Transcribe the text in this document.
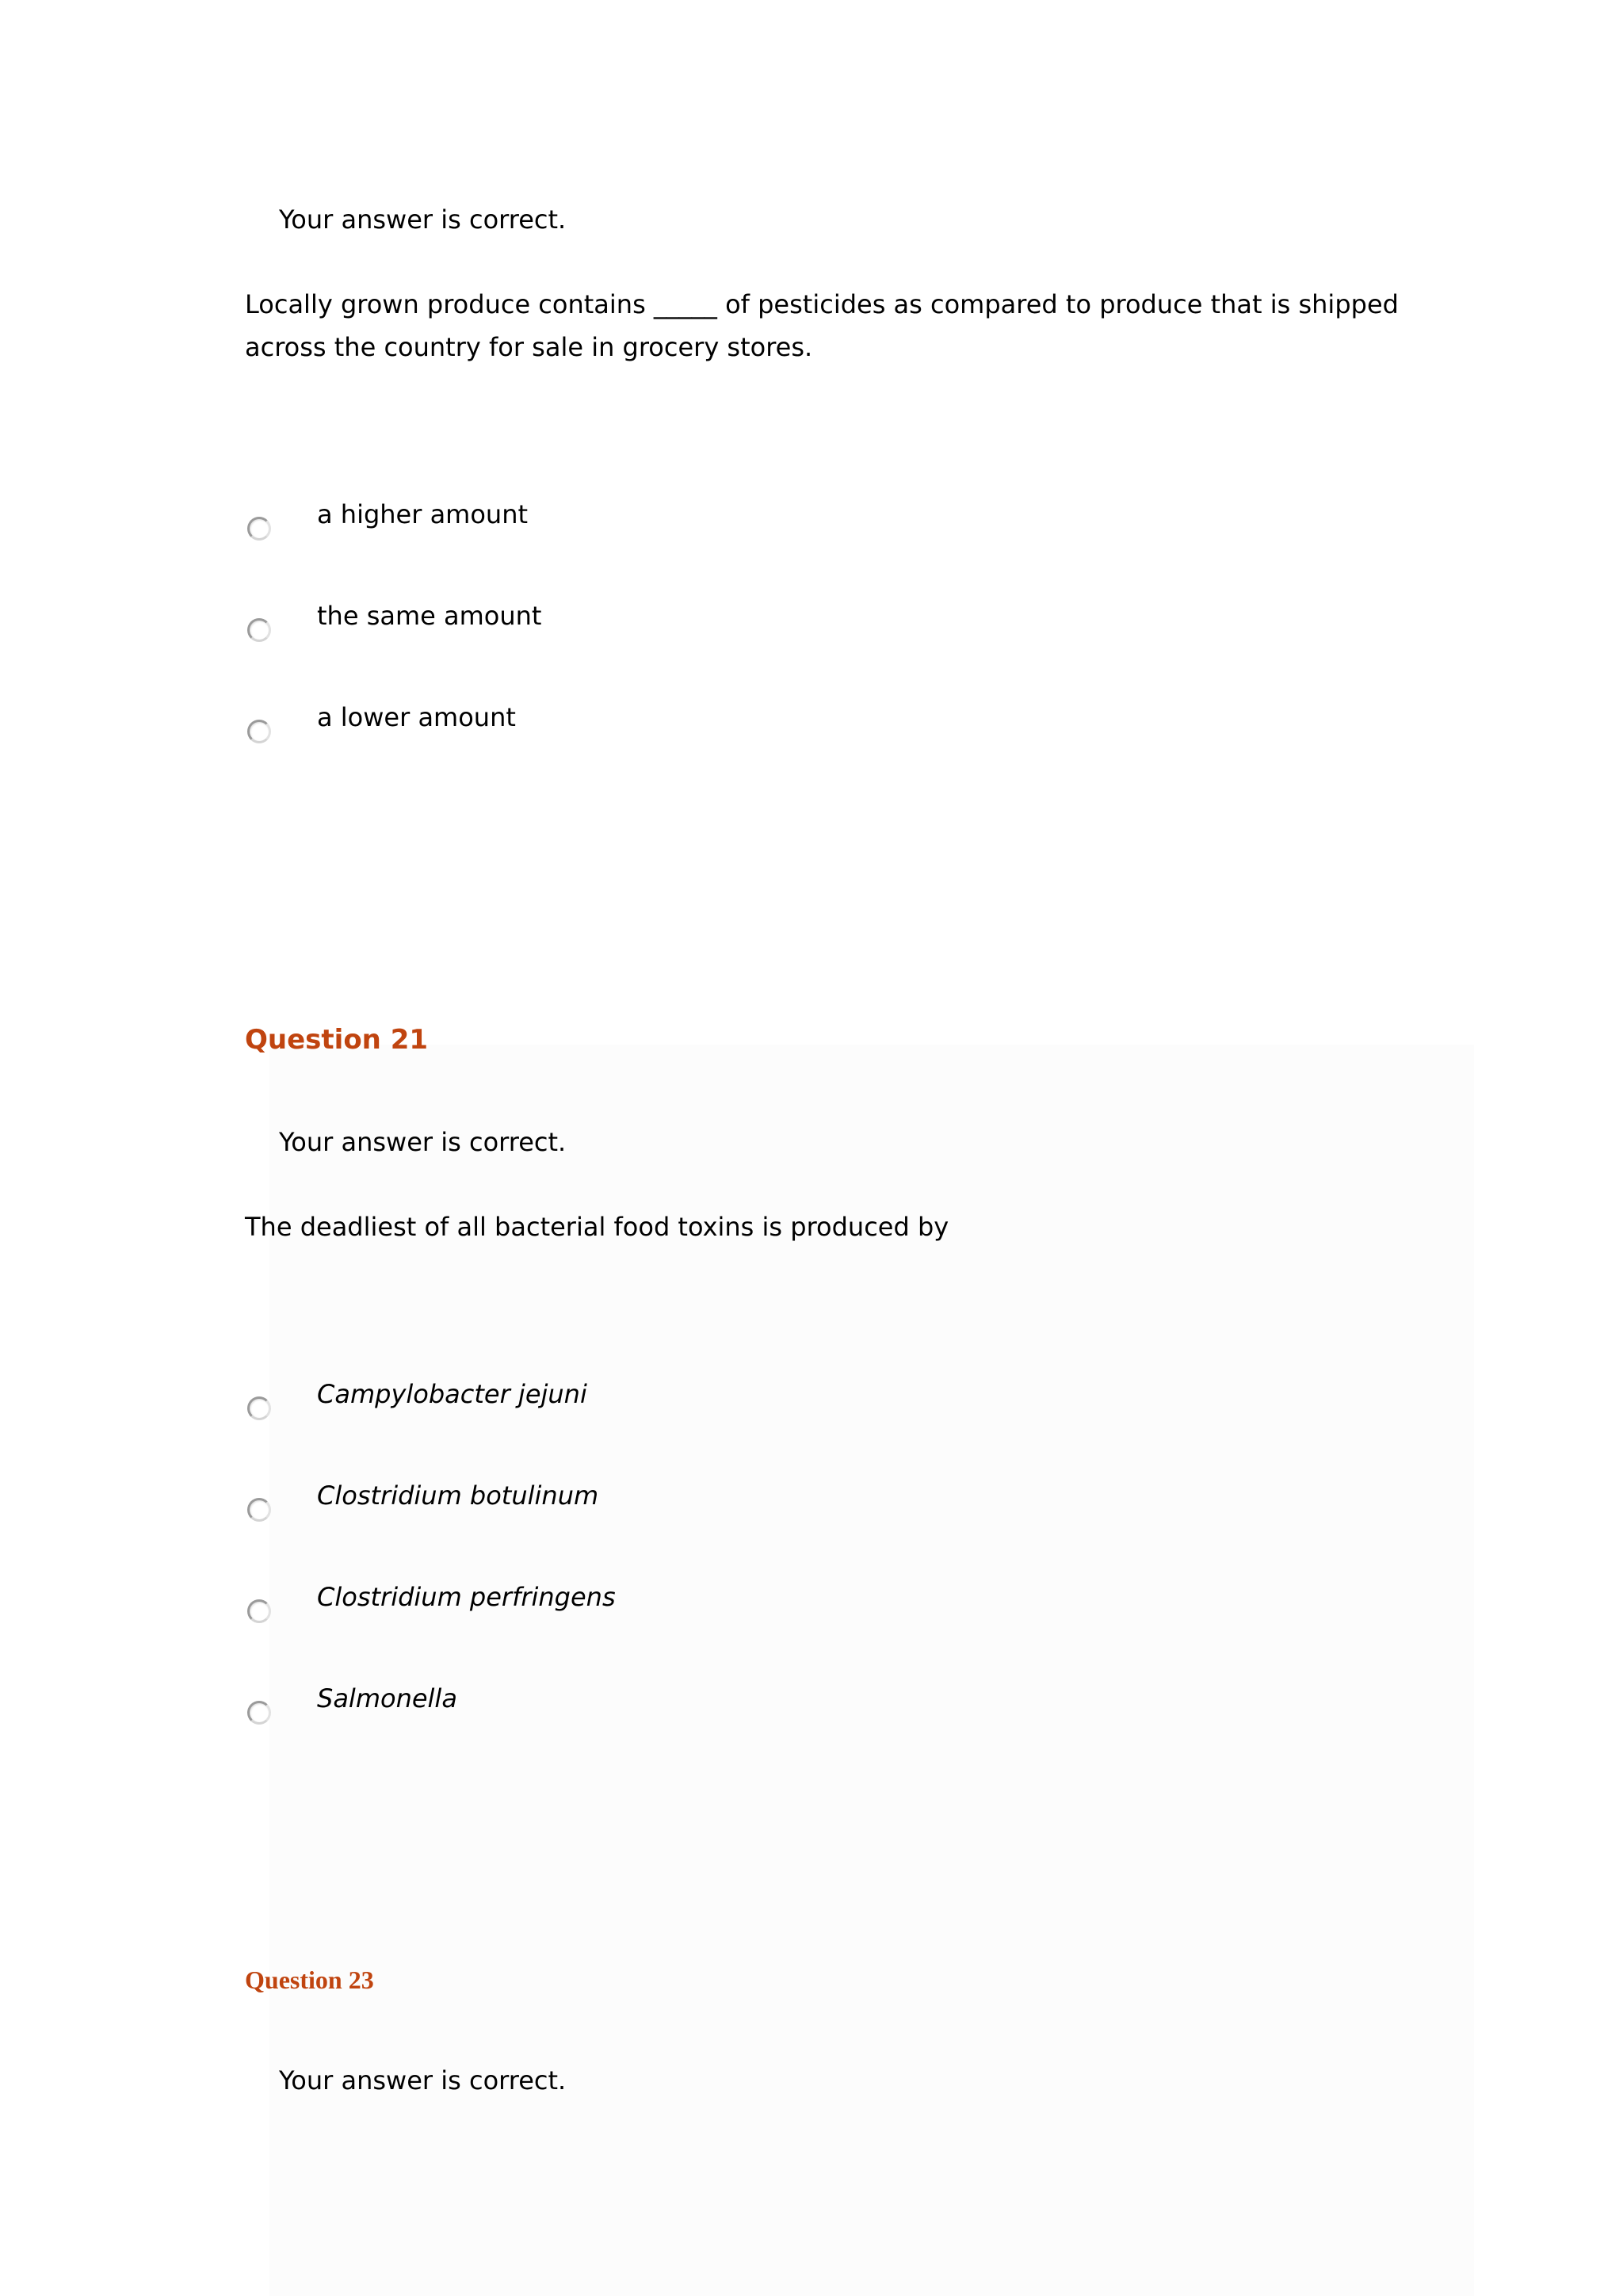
Your answer is correct.
Locally grown produce contains _____ of pesticides as compared to produce that is shipped across the country for sale in grocery stores.
a higher amount
the same amount
a lower amount
Question 21
Your answer is correct.
The deadliest of all bacterial food toxins is produced by
Campylobacter jejuni
Clostridium botulinum
Clostridium perfringens
Salmonella
Question 23
Your answer is correct.
